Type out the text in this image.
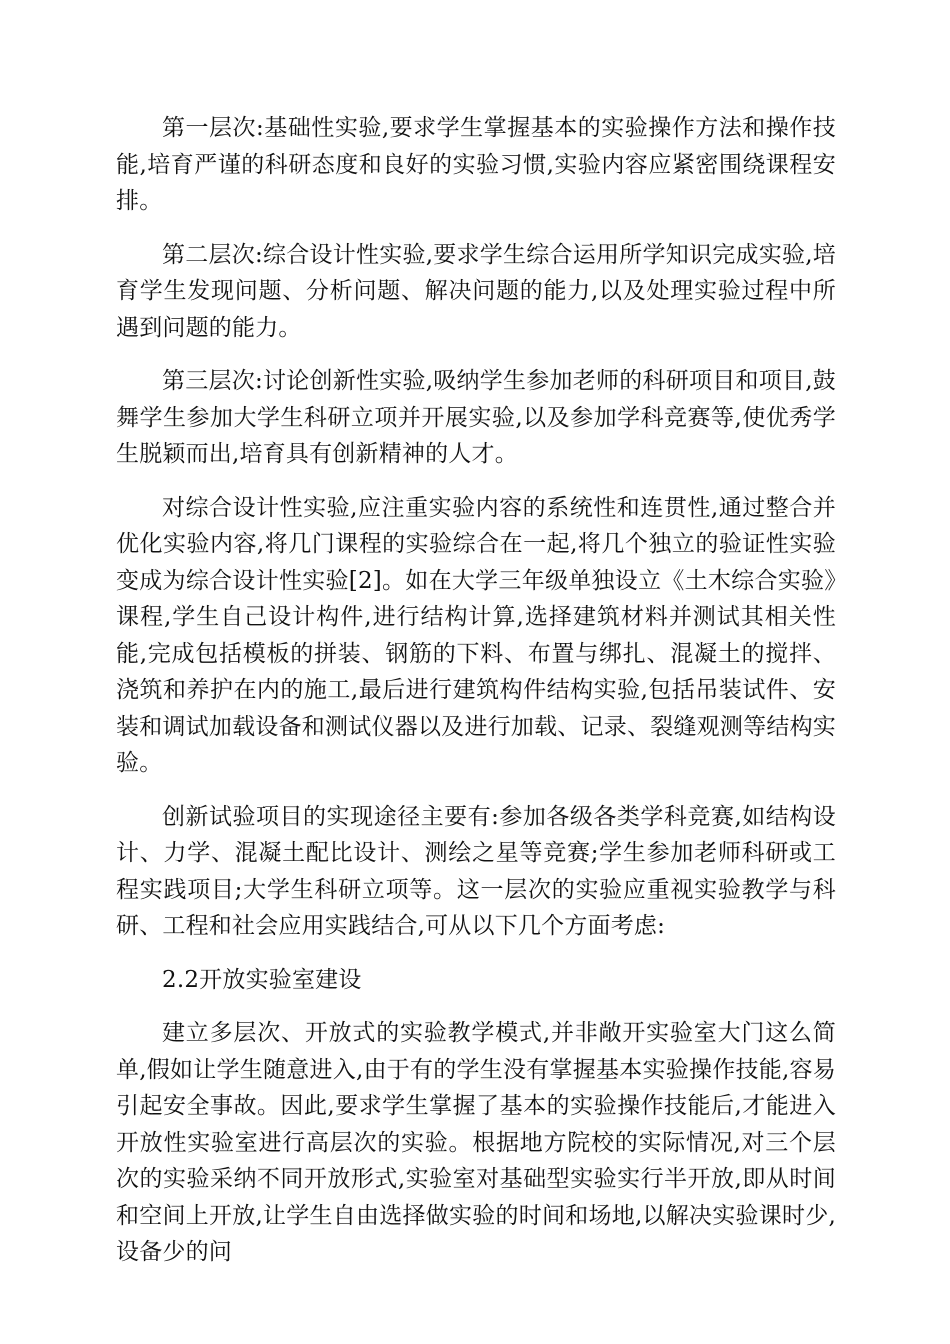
第一层次:基础性实验,要求学生掌握基本的实验操作方法和操作技能,培育严谨的科研态度和良好的实验习惯,实验内容应紧密围绕课程安排。

第二层次:综合设计性实验,要求学生综合运用所学知识完成实验,培育学生发现问题、分析问题、解决问题的能力,以及处理实验过程中所遇到问题的能力。

第三层次:讨论创新性实验,吸纳学生参加老师的科研项目和项目,鼓舞学生参加大学生科研立项并开展实验,以及参加学科竞赛等,使优秀学生脱颖而出,培育具有创新精神的人才。

对综合设计性实验,应注重实验内容的系统性和连贯性,通过整合并优化实验内容,将几门课程的实验综合在一起,将几个独立的验证性实验变成为综合设计性实验[2]。如在大学三年级单独设立《土木综合实验》课程,学生自己设计构件,进行结构计算,选择建筑材料并测试其相关性能,完成包括模板的拼装、钢筋的下料、布置与绑扎、混凝土的搅拌、浇筑和养护在内的施工,最后进行建筑构件结构实验,包括吊装试件、安装和调试加载设备和测试仪器以及进行加载、记录、裂缝观测等结构实验。

创新试验项目的实现途径主要有:参加各级各类学科竞赛,如结构设计、力学、混凝土配比设计、测绘之星等竞赛;学生参加老师科研或工程实践项目;大学生科研立项等。这一层次的实验应重视实验教学与科研、工程和社会应用实践结合,可从以下几个方面考虑:

2.2开放实验室建设

建立多层次、开放式的实验教学模式,并非敞开实验室大门这么简单,假如让学生随意进入,由于有的学生没有掌握基本实验操作技能,容易引起安全事故。因此,要求学生掌握了基本的实验操作技能后,才能进入开放性实验室进行高层次的实验。根据地方院校的实际情况,对三个层次的实验采纳不同开放形式,实验室对基础型实验实行半开放,即从时间和空间上开放,让学生自由选择做实验的时间和场地,以解决实验课时少,设备少的问
